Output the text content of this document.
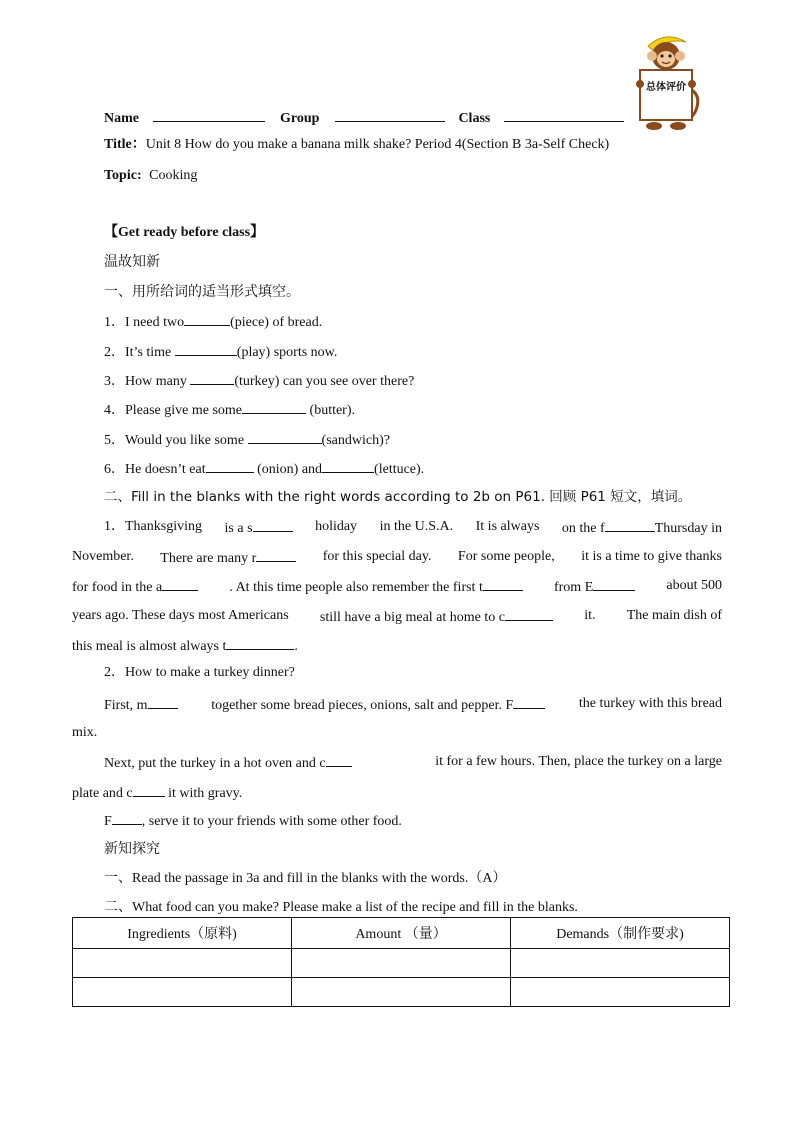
总体评价
Name	Group	Class
Title：Unit 8 How do you make a banana milk shake? Period 4(Section B 3a-Self Check)
Topic: Cooking
【Get ready before class】
温故知新
一、用所给词的适当形式填空。
1．I need two	(piece) of bread.
2．It’s time	(play) sports now.
3．How many	(turkey) can you see over there?
4．Please give me some	(butter).
5．Would you like some	(sandwich)?
6．He doesn’t eat	(onion) and	(lettuce).
二、Fill in the blanks with the right words according to 2b on P61. 回顾 P61 短文，填词。
1．Thanksgiving is a s	holiday in the U.S.A. It is always on the f	Thursday in
November. There are many r	for this special day. For some people, it is a time to give thanks
for food in the a	. At this time people also remember the first t	from E	about 500
years ago. These days most Americans still have a big meal at home to c	it. The main dish of
this meal is almost always t	.
2．How to make a turkey dinner?
First, m	together some bread pieces, onions, salt and pepper. F	the turkey with this bread
mix.
Next, put the turkey in a hot oven and c	it for a few hours. Then, place the turkey on a large
plate and c it with gravy.
F , serve it to your friends with some other food.
新知探究
一、Read the passage in 3a and fill in the blanks with the words.（A）
二、What food can you make? Please make a list of the recipe and fill in the blanks.
Ingredients（原料)	Amount （量）	Demands（制作要求)
